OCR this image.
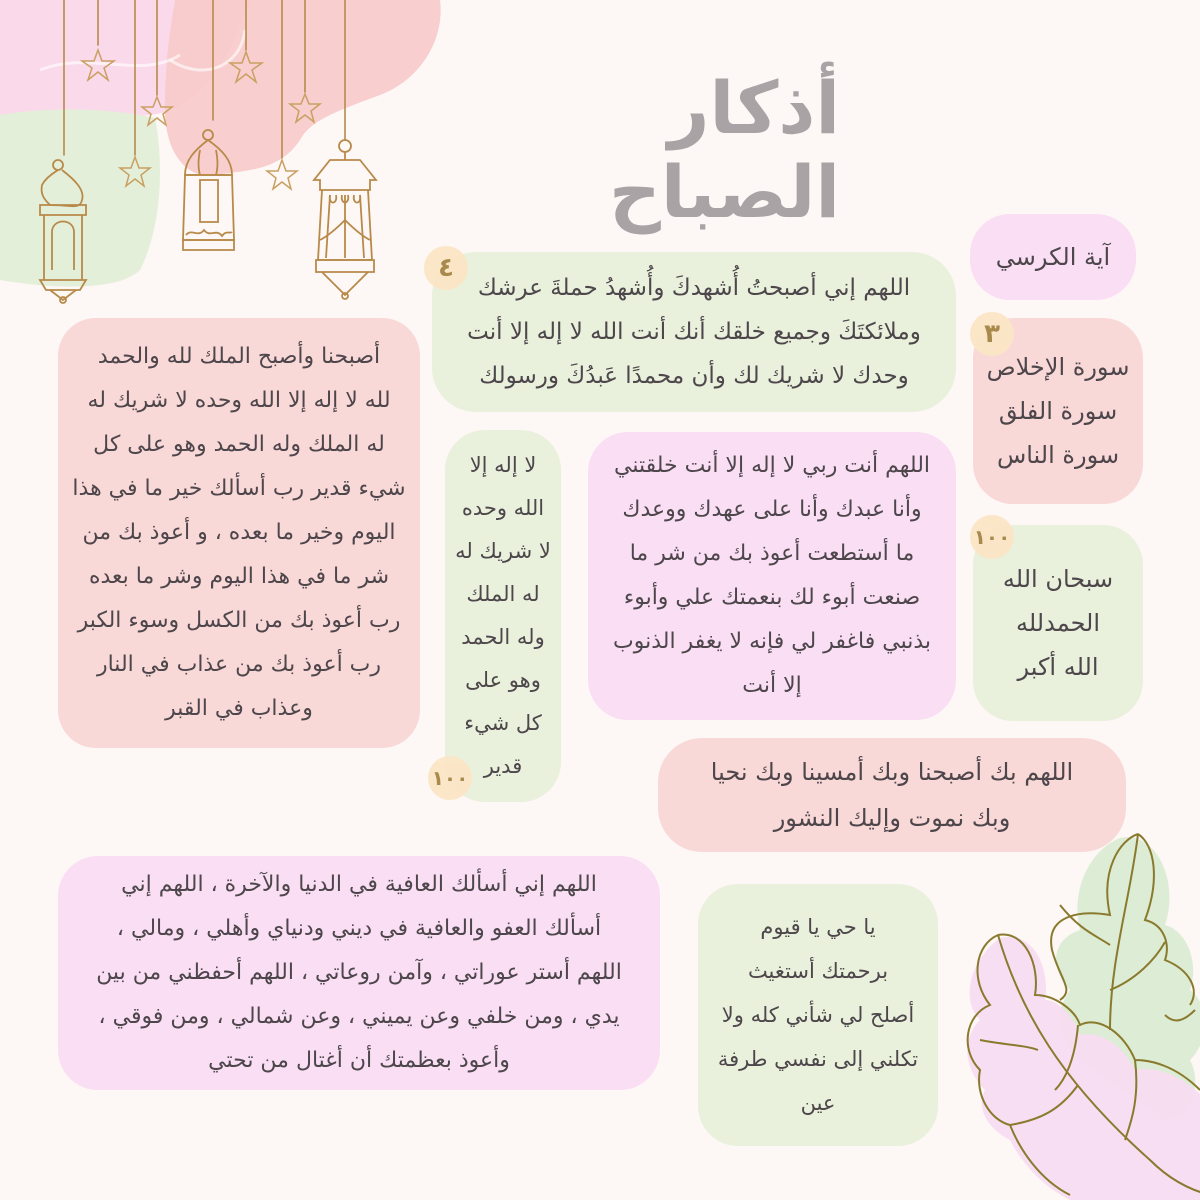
أذكار الصباح
آية الكرسي
اللهم إني أصبحتُ أُشهدكَ وأُشهدُ حملةَ عرشك
وملائكتَكَ وجميع خلقك أنك أنت الله لا إله إلا أنت
وحدك لا شريك لك وأن محمدًا عَبدُكَ ورسولك
٤
سورة الإخلاص
سورة الفلق
سورة الناس
٣
أصبحنا وأصبح الملك لله والحمد
لله لا إله إلا الله وحده لا شريك له
له الملك وله الحمد وهو على كل
شيء قدير رب أسألك خير ما في هذا
اليوم وخير ما بعده ، و أعوذ بك من
شر ما في هذا اليوم وشر ما بعده
رب أعوذ بك من الكسل وسوء الكبر
رب أعوذ بك من عذاب في النار
وعذاب في القبر
لا إله إلا
الله وحده
لا شريك له
له الملك
وله الحمد
وهو على
كل شيء
قدير
١٠٠
اللهم أنت ربي لا إله إلا أنت خلقتني
وأنا عبدك وأنا على عهدك ووعدك
ما أستطعت أعوذ بك من شر ما
صنعت أبوء لك بنعمتك علي وأبوء
بذنبي فاغفر لي فإنه لا يغفر الذنوب
إلا أنت
سبحان الله
الحمدلله
الله أكبر
١٠٠
اللهم بك أصبحنا وبك أمسينا وبك نحيا
وبك نموت وإليك النشور
اللهم إني أسألك العافية في الدنيا والآخرة ، اللهم إني
أسألك العفو والعافية في ديني ودنياي وأهلي ، ومالي ،
اللهم أستر عوراتي ، وآمن روعاتي ، اللهم أحفظني من بين
يدي ، ومن خلفي وعن يميني ، وعن شمالي ، ومن فوقي ،
وأعوذ بعظمتك أن أغتال من تحتي
يا حي يا قيوم
برحمتك أستغيث
أصلح لي شأني كله ولا
تكلني إلى نفسي طرفة
عين
